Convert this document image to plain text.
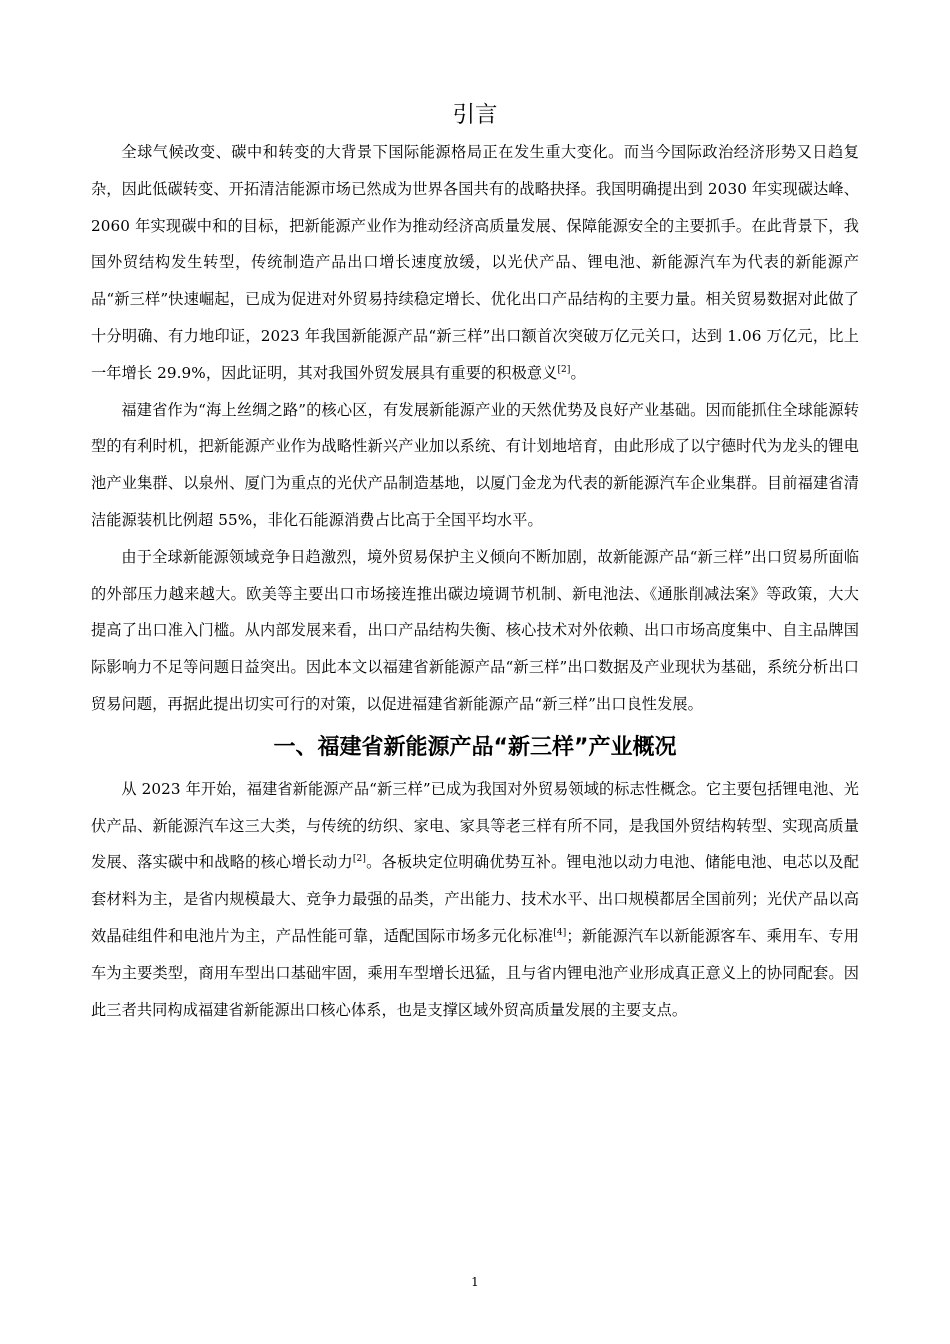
引言

全球气候改变、碳中和转变的大背景下国际能源格局正在发生重大变化。而当今国际政治经济形势又日趋复杂，因此低碳转变、开拓清洁能源市场已然成为世界各国共有的战略抉择。我国明确提出到 2030 年实现碳达峰、2060 年实现碳中和的目标，把新能源产业作为推动经济高质量发展、保障能源安全的主要抓手。在此背景下，我国外贸结构发生转型，传统制造产品出口增长速度放缓，以光伏产品、锂电池、新能源汽车为代表的新能源产品“新三样”快速崛起，已成为促进对外贸易持续稳定增长、优化出口产品结构的主要力量。相关贸易数据对此做了十分明确、有力地印证，2023 年我国新能源产品“新三样”出口额首次突破万亿元关口，达到 1.06 万亿元，比上一年增长 29.9%，因此证明，其对我国外贸发展具有重要的积极意义[2]。

福建省作为“海上丝绸之路”的核心区，有发展新能源产业的天然优势及良好产业基础。因而能抓住全球能源转型的有利时机，把新能源产业作为战略性新兴产业加以系统、有计划地培育，由此形成了以宁德时代为龙头的锂电池产业集群、以泉州、厦门为重点的光伏产品制造基地，以厦门金龙为代表的新能源汽车企业集群。目前福建省清洁能源装机比例超 55%，非化石能源消费占比高于全国平均水平。

由于全球新能源领域竞争日趋激烈，境外贸易保护主义倾向不断加剧，故新能源产品“新三样”出口贸易所面临的外部压力越来越大。欧美等主要出口市场接连推出碳边境调节机制、新电池法、《通胀削减法案》等政策，大大提高了出口准入门槛。从内部发展来看，出口产品结构失衡、核心技术对外依赖、出口市场高度集中、自主品牌国际影响力不足等问题日益突出。因此本文以福建省新能源产品“新三样”出口数据及产业现状为基础，系统分析出口贸易问题，再据此提出切实可行的对策，以促进福建省新能源产品“新三样”出口良性发展。

一、福建省新能源产品“新三样”产业概况

从 2023 年开始，福建省新能源产品“新三样”已成为我国对外贸易领域的标志性概念。它主要包括锂电池、光伏产品、新能源汽车这三大类，与传统的纺织、家电、家具等老三样有所不同，是我国外贸结构转型、实现高质量发展、落实碳中和战略的核心增长动力[2]。各板块定位明确优势互补。锂电池以动力电池、储能电池、电芯以及配套材料为主，是省内规模最大、竞争力最强的品类，产出能力、技术水平、出口规模都居全国前列；光伏产品以高效晶硅组件和电池片为主，产品性能可靠，适配国际市场多元化标准[4]；新能源汽车以新能源客车、乘用车、专用车为主要类型，商用车型出口基础牢固，乘用车型增长迅猛，且与省内锂电池产业形成真正意义上的协同配套。因此三者共同构成福建省新能源出口核心体系，也是支撑区域外贸高质量发展的主要支点。

1
